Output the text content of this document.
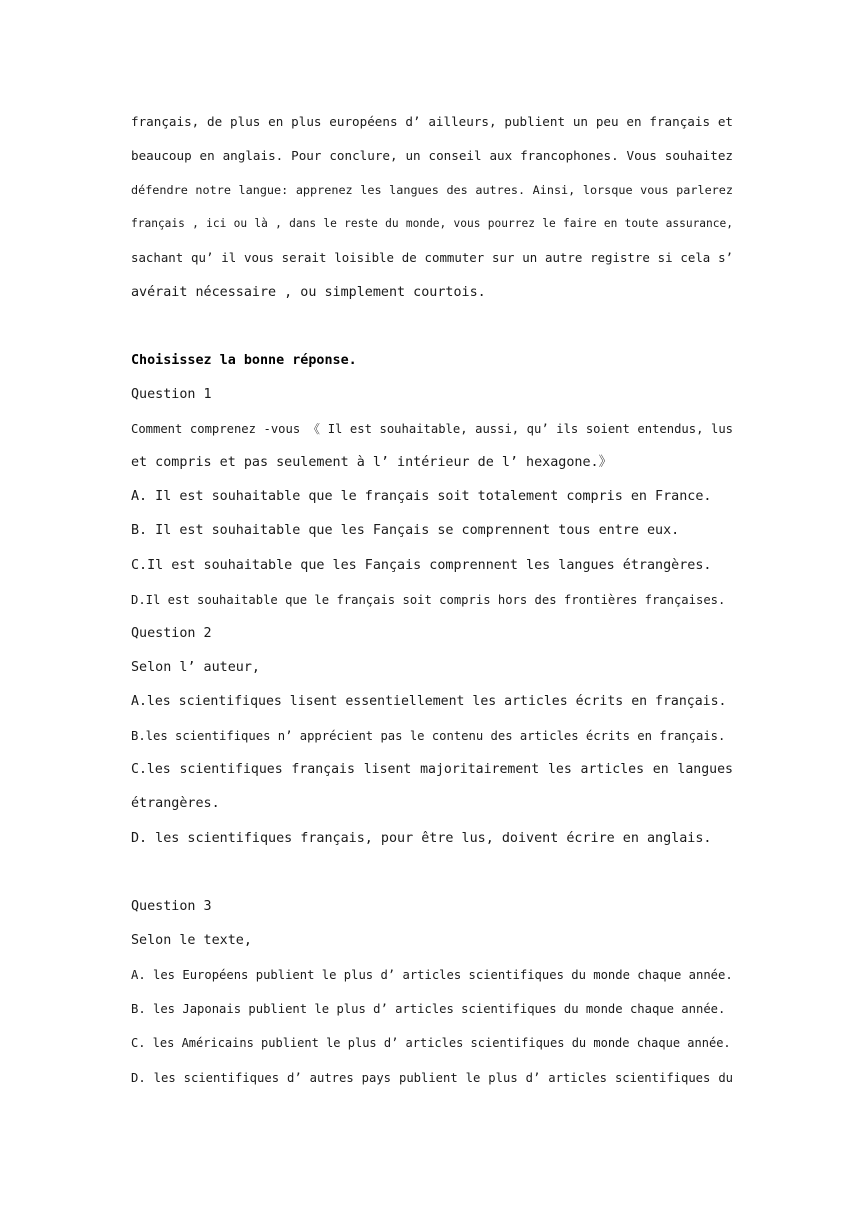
français, de plus en plus européens d’ ailleurs, publient un peu en français et
beaucoup en anglais. Pour conclure, un conseil aux francophones. Vous souhaitez
défendre notre langue: apprenez les langues des autres. Ainsi, lorsque vous parlerez
français , ici ou là , dans le reste du monde, vous pourrez le faire en toute assurance,
sachant qu’ il vous serait loisible de commuter sur un autre registre si cela s’
avérait nécessaire , ou simplement courtois.
Choisissez la bonne réponse.
Question 1
Comment comprenez -vous 《 Il est souhaitable, aussi, qu’ ils soient entendus, lus
et compris et pas seulement à l’ intérieur de l’ hexagone.》
A. Il est souhaitable que le français soit totalement compris en France.
B. Il est souhaitable que les Fançais se comprennent tous entre eux.
C.Il est souhaitable que les Fançais comprennent les langues étrangères.
D.Il est souhaitable que le français soit compris hors des frontières françaises.
Question 2
Selon l’ auteur,
A.les scientifiques lisent essentiellement les articles écrits en français.
B.les scientifiques n’ apprécient pas le contenu des articles écrits en français.
C.les scientifiques français lisent majoritairement les articles en langues
étrangères.
D. les scientifiques français, pour être lus, doivent écrire en anglais.
Question 3
Selon le texte,
A. les Européens publient le plus d’ articles scientifiques du monde chaque année.
B. les Japonais publient le plus d’ articles scientifiques du monde chaque année.
C. les Américains publient le plus d’ articles scientifiques du monde chaque année.
D. les scientifiques d’ autres pays publient le plus d’ articles scientifiques du
